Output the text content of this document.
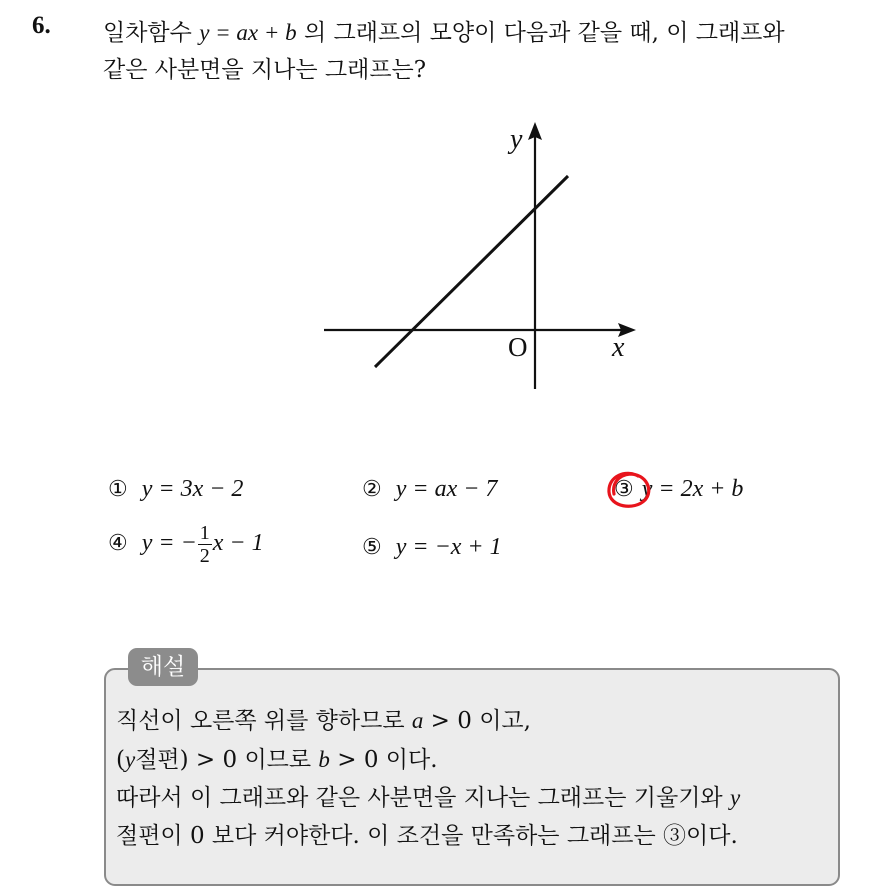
6. 일차함수 y = ax + b 의 그래프의 모양이 다음과 같을 때, 이 그래프와
같은 사분면을 지나는 그래프는?
y
x
O
① y = 3x − 2	② y = ax − 7	③ y = 2x + b
④ y = − $\frac{1}{2}$ x − 1	⑤ y = −x + 1
해설
직선이 오른쪽 위를 향하므로 a > 0 이고,
(y절편) > 0 이므로 b > 0 이다.
따라서 이 그래프와 같은 사분면을 지나는 그래프는 기울기와 y
절편이 0 보다 커야한다. 이 조건을 만족하는 그래프는 ③이다.
